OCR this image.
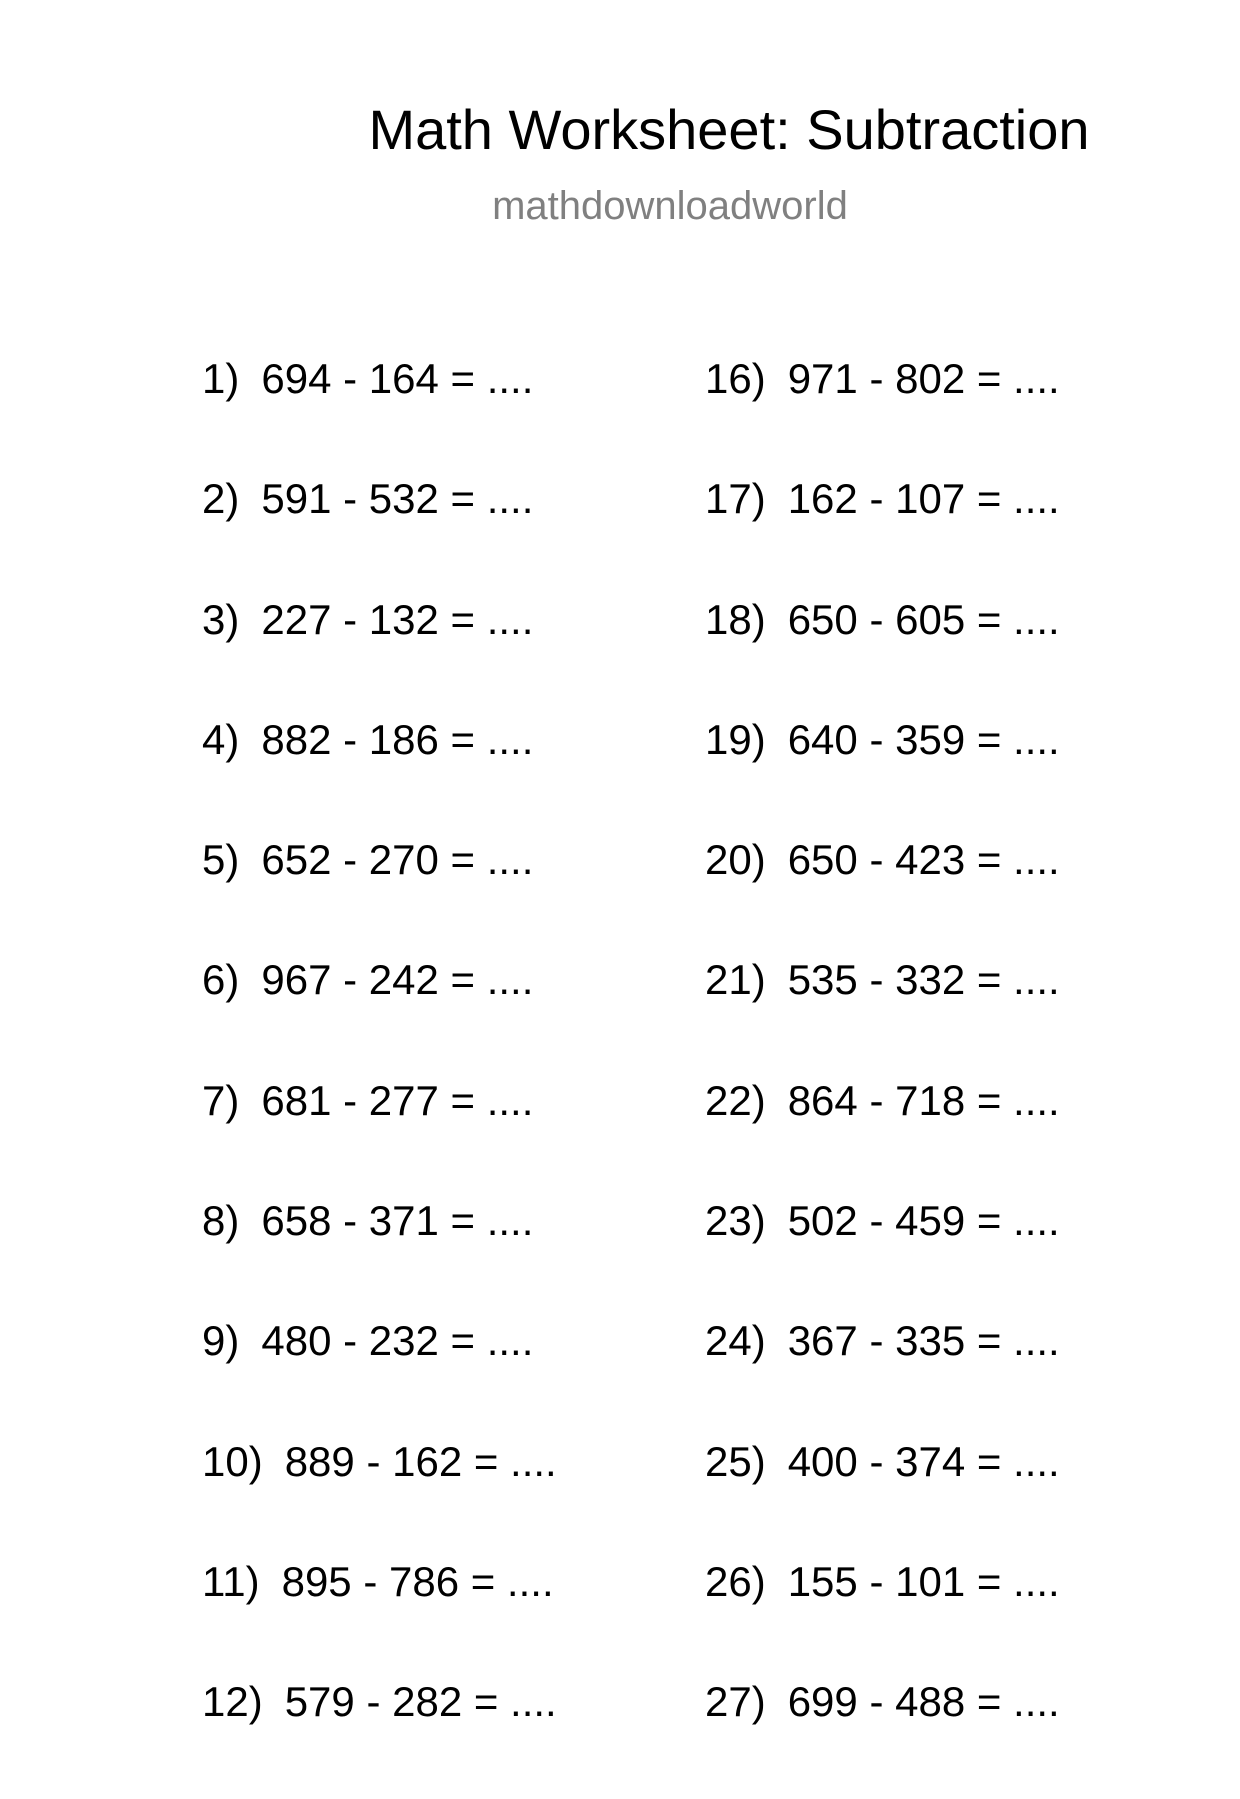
Math Worksheet: Subtraction
mathdownloadworld
1) 694 - 164 = ....
2) 591 - 532 = ....
3) 227 - 132 = ....
4) 882 - 186 = ....
5) 652 - 270 = ....
6) 967 - 242 = ....
7) 681 - 277 = ....
8) 658 - 371 = ....
9) 480 - 232 = ....
10) 889 - 162 = ....
11) 895 - 786 = ....
12) 579 - 282 = ....
16) 971 - 802 = ....
17) 162 - 107 = ....
18) 650 - 605 = ....
19) 640 - 359 = ....
20) 650 - 423 = ....
21) 535 - 332 = ....
22) 864 - 718 = ....
23) 502 - 459 = ....
24) 367 - 335 = ....
25) 400 - 374 = ....
26) 155 - 101 = ....
27) 699 - 488 = ....
